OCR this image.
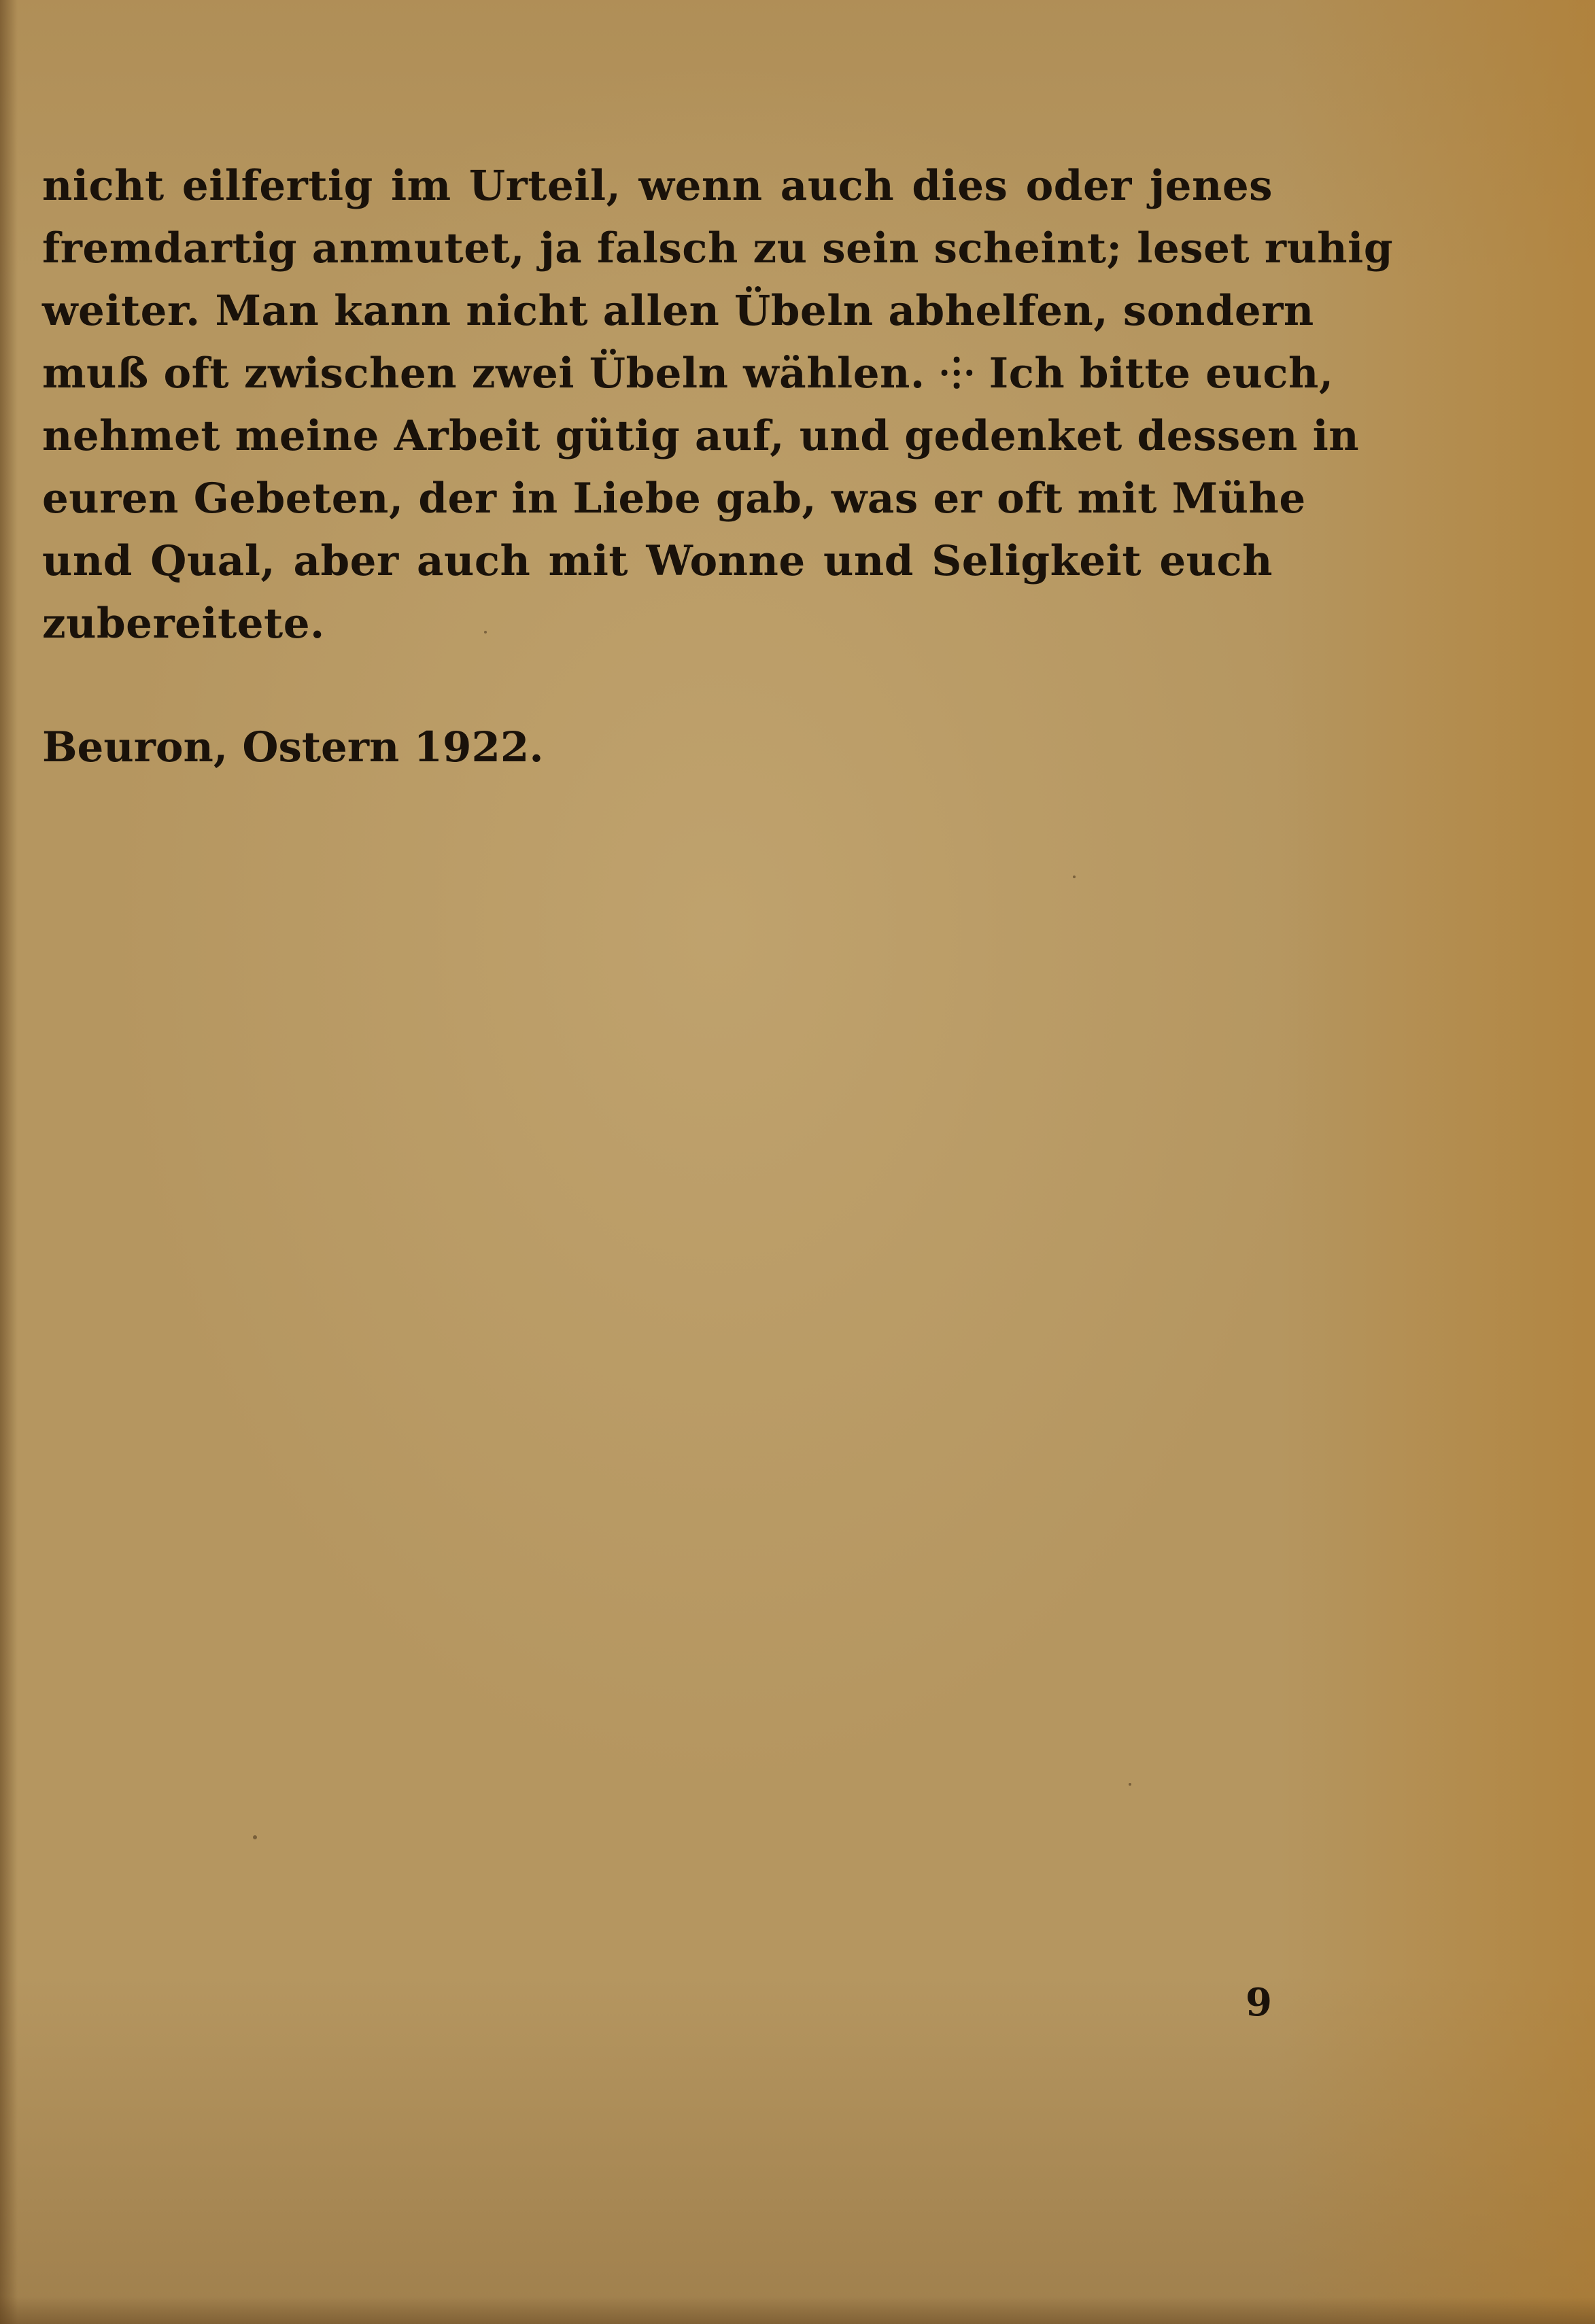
nicht eilfertig im Urteil, wenn auch dies oder jenes
fremdartig anmutet, ja falsch zu sein scheint; leset ruhig
weiter. Man kann nicht allen Übeln abhelfen, sondern
muß oft zwischen zwei Übeln wählen. ⸭ Ich bitte euch,
nehmet meine Arbeit gütig auf, und gedenket dessen in
euren Gebeten, der in Liebe gab, was er oft mit Mühe
und Qual, aber auch mit Wonne und Seligkeit euch
zubereitete.
Beuron, Ostern 1922.
9
